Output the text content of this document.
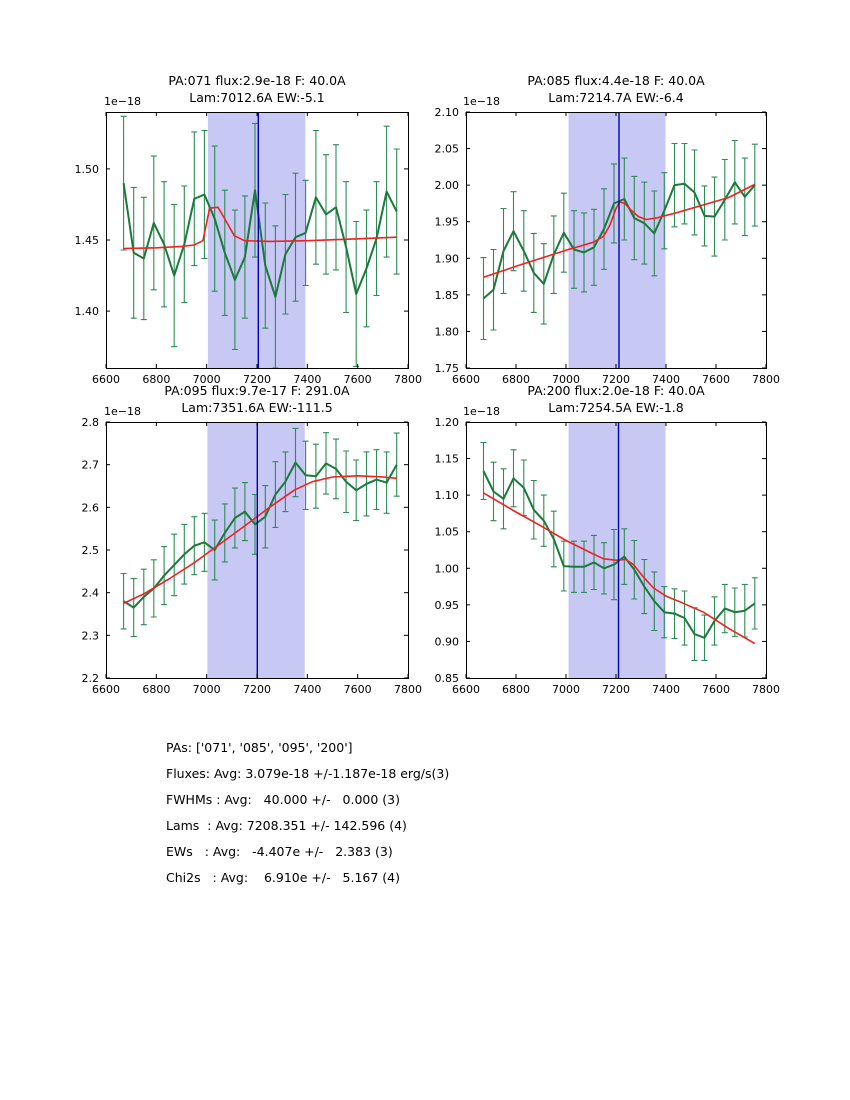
6600 6800 7000 7200 7400 7600 7800
1.40
1.45
1.50
6600 6800 7000 7200 7400 7600 7800
1.75
1.80
1.85
1.90
1.95
2.00
2.05
2.10
6600 6800 7000 7200 7400 7600 7800
2.2
2.3
2.4
2.5
2.6
2.7
2.8
6600 6800 7000 7200 7400 7600 7800
0.85
0.90
0.95
1.00
1.05
1.10
1.15
1.20
PA:071 flux:2.9e-18 F: 40.0A
Lam:7012.6A EW:-5.1
PA:085 flux:4.4e-18 F: 40.0A
Lam:7214.7A EW:-6.4
PA:095 flux:9.7e-17 F: 291.0A
Lam:7351.6A EW:-111.5
PA:200 flux:2.0e-18 F: 40.0A
Lam:7254.5A EW:-1.8
1e−18	1e−18
1e−18	1e−18
PAs: ['071', '085', '095', '200']
Fluxes: Avg: 3.079e-18 +/-1.187e-18 erg/s(3)
FWHMs : Avg:   40.000 +/-   0.000 (3)
Lams  : Avg: 7208.351 +/- 142.596 (4)
EWs   : Avg:   -4.407e +/-   2.383 (3)
Chi2s   : Avg:    6.910e +/-   5.167 (4)
